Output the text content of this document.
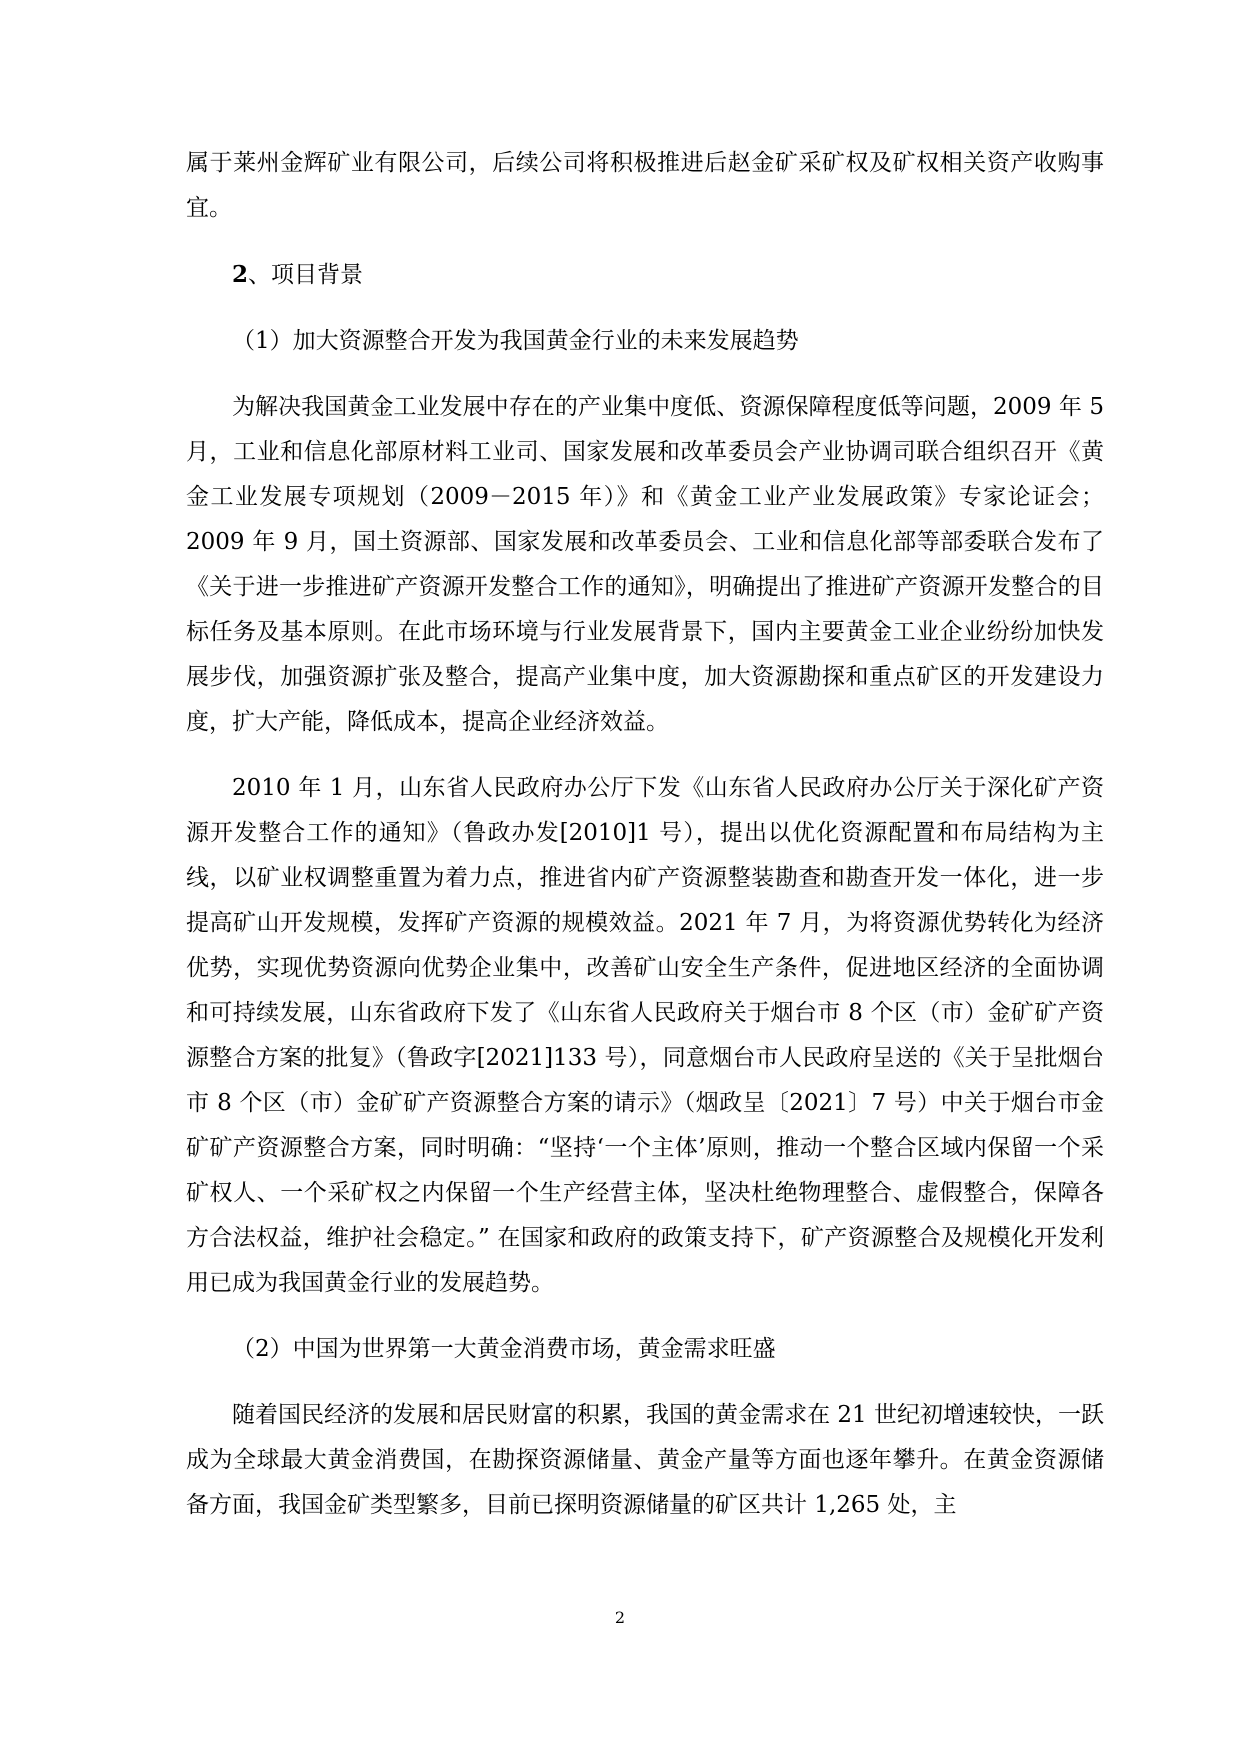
属于莱州金辉矿业有限公司，后续公司将积极推进后赵金矿采矿权及矿权相关资产收购事宜。

2、项目背景

（1）加大资源整合开发为我国黄金行业的未来发展趋势

为解决我国黄金工业发展中存在的产业集中度低、资源保障程度低等问题，2009 年 5 月，工业和信息化部原材料工业司、国家发展和改革委员会产业协调司联合组织召开《黄金工业发展专项规划（2009－2015 年）》和《黄金工业产业发展政策》专家论证会；2009 年 9 月，国土资源部、国家发展和改革委员会、工业和信息化部等部委联合发布了《关于进一步推进矿产资源开发整合工作的通知》，明确提出了推进矿产资源开发整合的目标任务及基本原则。在此市场环境与行业发展背景下，国内主要黄金工业企业纷纷加快发展步伐，加强资源扩张及整合，提高产业集中度，加大资源勘探和重点矿区的开发建设力度，扩大产能，降低成本，提高企业经济效益。

2010 年 1 月，山东省人民政府办公厅下发《山东省人民政府办公厅关于深化矿产资源开发整合工作的通知》（鲁政办发[2010]1 号），提出以优化资源配置和布局结构为主线，以矿业权调整重置为着力点，推进省内矿产资源整装勘查和勘查开发一体化，进一步提高矿山开发规模，发挥矿产资源的规模效益。2021 年 7 月，为将资源优势转化为经济优势，实现优势资源向优势企业集中，改善矿山安全生产条件，促进地区经济的全面协调和可持续发展，山东省政府下发了《山东省人民政府关于烟台市 8 个区（市）金矿矿产资源整合方案的批复》（鲁政字[2021]133 号），同意烟台市人民政府呈送的《关于呈批烟台市 8 个区（市）金矿矿产资源整合方案的请示》（烟政呈〔2021〕7 号）中关于烟台市金矿矿产资源整合方案，同时明确：“坚持‘一个主体’原则，推动一个整合区域内保留一个采矿权人、一个采矿权之内保留一个生产经营主体，坚决杜绝物理整合、虚假整合，保障各方合法权益，维护社会稳定。” 在国家和政府的政策支持下，矿产资源整合及规模化开发利用已成为我国黄金行业的发展趋势。

（2）中国为世界第一大黄金消费市场，黄金需求旺盛

随着国民经济的发展和居民财富的积累，我国的黄金需求在 21 世纪初增速较快，一跃成为全球最大黄金消费国，在勘探资源储量、黄金产量等方面也逐年攀升。在黄金资源储备方面，我国金矿类型繁多，目前已探明资源储量的矿区共计 1,265 处，主

2
